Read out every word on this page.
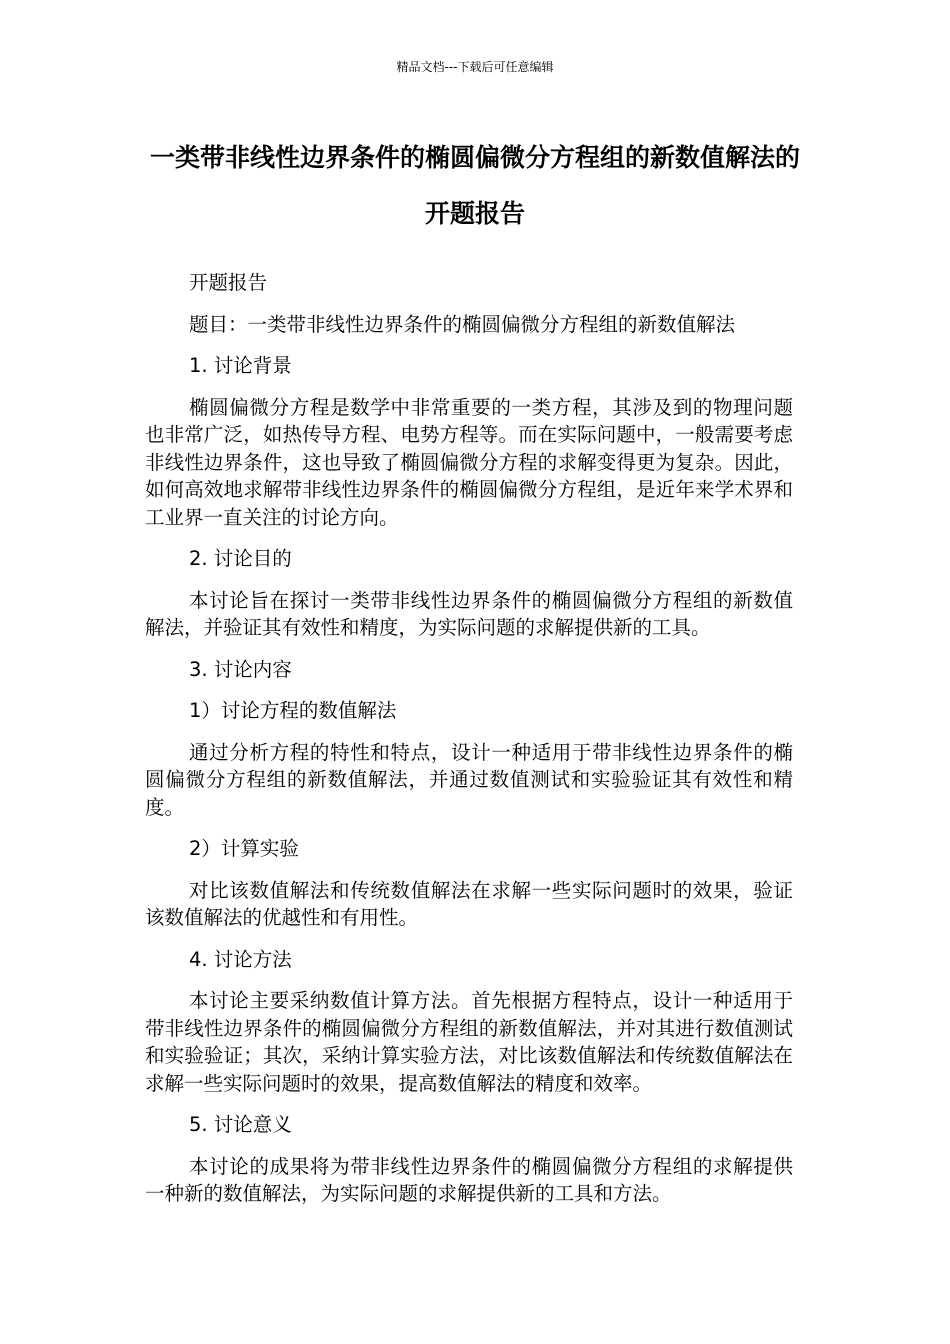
精品文档---下载后可任意编辑
一类带非线性边界条件的椭圆偏微分方程组的新数值解法的开题报告

开题报告

题目：一类带非线性边界条件的椭圆偏微分方程组的新数值解法

1. 讨论背景

椭圆偏微分方程是数学中非常重要的一类方程，其涉及到的物理问题也非常广泛，如热传导方程、电势方程等。而在实际问题中，一般需要考虑非线性边界条件，这也导致了椭圆偏微分方程的求解变得更为复杂。因此，如何高效地求解带非线性边界条件的椭圆偏微分方程组，是近年来学术界和工业界一直关注的讨论方向。

2. 讨论目的

本讨论旨在探讨一类带非线性边界条件的椭圆偏微分方程组的新数值解法，并验证其有效性和精度，为实际问题的求解提供新的工具。

3. 讨论内容

1）讨论方程的数值解法

通过分析方程的特性和特点，设计一种适用于带非线性边界条件的椭圆偏微分方程组的新数值解法，并通过数值测试和实验验证其有效性和精度。

2）计算实验

对比该数值解法和传统数值解法在求解一些实际问题时的效果，验证该数值解法的优越性和有用性。

4. 讨论方法

本讨论主要采纳数值计算方法。首先根据方程特点，设计一种适用于带非线性边界条件的椭圆偏微分方程组的新数值解法，并对其进行数值测试和实验验证；其次，采纳计算实验方法，对比该数值解法和传统数值解法在求解一些实际问题时的效果，提高数值解法的精度和效率。

5. 讨论意义

本讨论的成果将为带非线性边界条件的椭圆偏微分方程组的求解提供一种新的数值解法，为实际问题的求解提供新的工具和方法。
